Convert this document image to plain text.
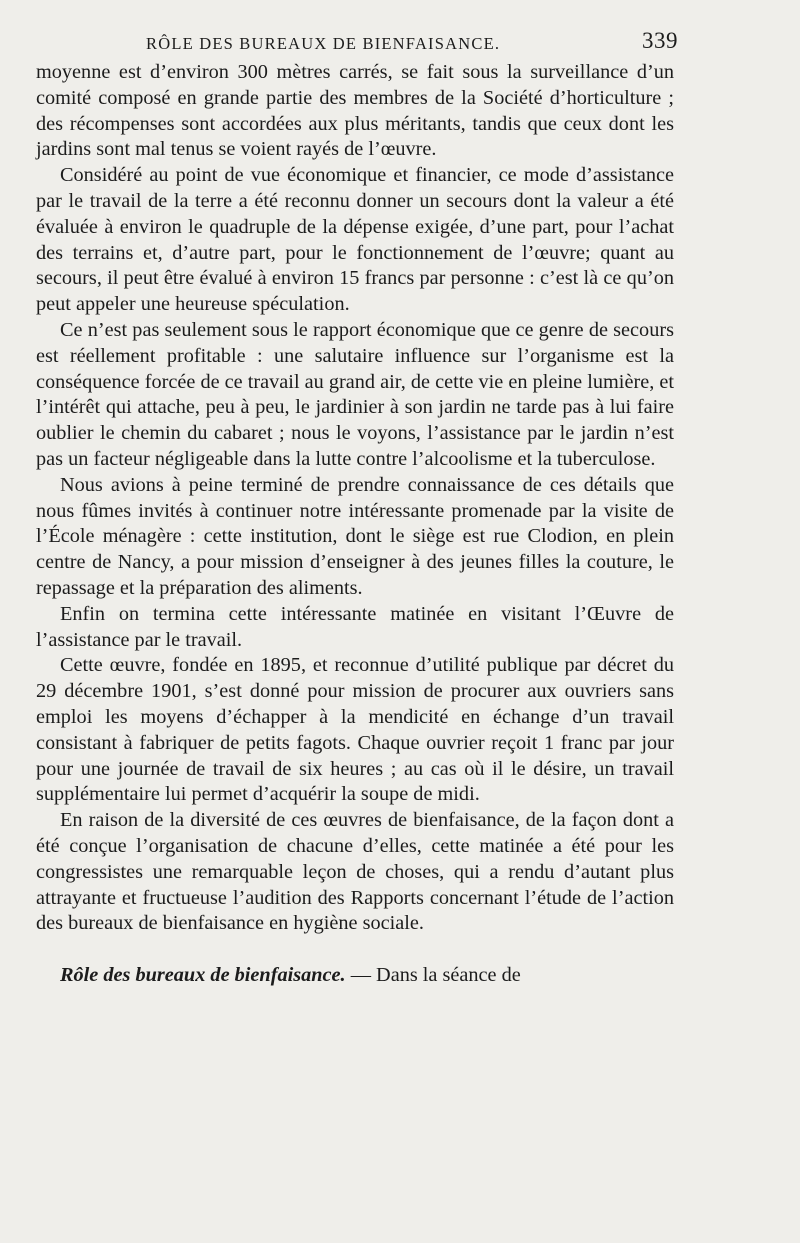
RÔLE DES BUREAUX DE BIENFAISANCE.	339

moyenne est d’environ 300 mètres carrés, se fait sous la surveillance d’un comité composé en grande partie des membres de la Société d’horticulture ; des récompenses sont accordées aux plus méritants, tandis que ceux dont les jardins sont mal tenus se voient rayés de l’œuvre.

Considéré au point de vue économique et financier, ce mode d’assistance par le travail de la terre a été reconnu donner un secours dont la valeur a été évaluée à environ le quadruple de la dépense exigée, d’une part, pour l’achat des terrains et, d’autre part, pour le fonctionnement de l’œuvre; quant au secours, il peut être évalué à environ 15 francs par personne : c’est là ce qu’on peut appeler une heureuse spéculation.

Ce n’est pas seulement sous le rapport économique que ce genre de secours est réellement profitable : une salutaire influence sur l’organisme est la conséquence forcée de ce travail au grand air, de cette vie en pleine lumière, et l’intérêt qui attache, peu à peu, le jardinier à son jardin ne tarde pas à lui faire oublier le chemin du cabaret ; nous le voyons, l’assistance par le jardin n’est pas un facteur négligeable dans la lutte contre l’alcoolisme et la tuberculose.

Nous avions à peine terminé de prendre connaissance de ces détails que nous fûmes invités à continuer notre intéressante promenade par la visite de l’École ménagère : cette institution, dont le siège est rue Clodion, en plein centre de Nancy, a pour mission d’enseigner à des jeunes filles la couture, le repassage et la préparation des aliments.

Enfin on termina cette intéressante matinée en visitant l’Œuvre de l’assistance par le travail.

Cette œuvre, fondée en 1895, et reconnue d’utilité publique par décret du 29 décembre 1901, s’est donné pour mission de procurer aux ouvriers sans emploi les moyens d’échapper à la mendicité en échange d’un travail consistant à fabriquer de petits fagots. Chaque ouvrier reçoit 1 franc par jour pour une journée de travail de six heures ; au cas où il le désire, un travail supplémentaire lui permet d’acquérir la soupe de midi.

En raison de la diversité de ces œuvres de bienfaisance, de la façon dont a été conçue l’organisation de chacune d’elles, cette matinée a été pour les congressistes une remarquable leçon de choses, qui a rendu d’autant plus attrayante et fructueuse l’audition des Rapports concernant l’étude de l’action des bureaux de bienfaisance en hygiène sociale.

Rôle des bureaux de bienfaisance. — Dans la séance de
